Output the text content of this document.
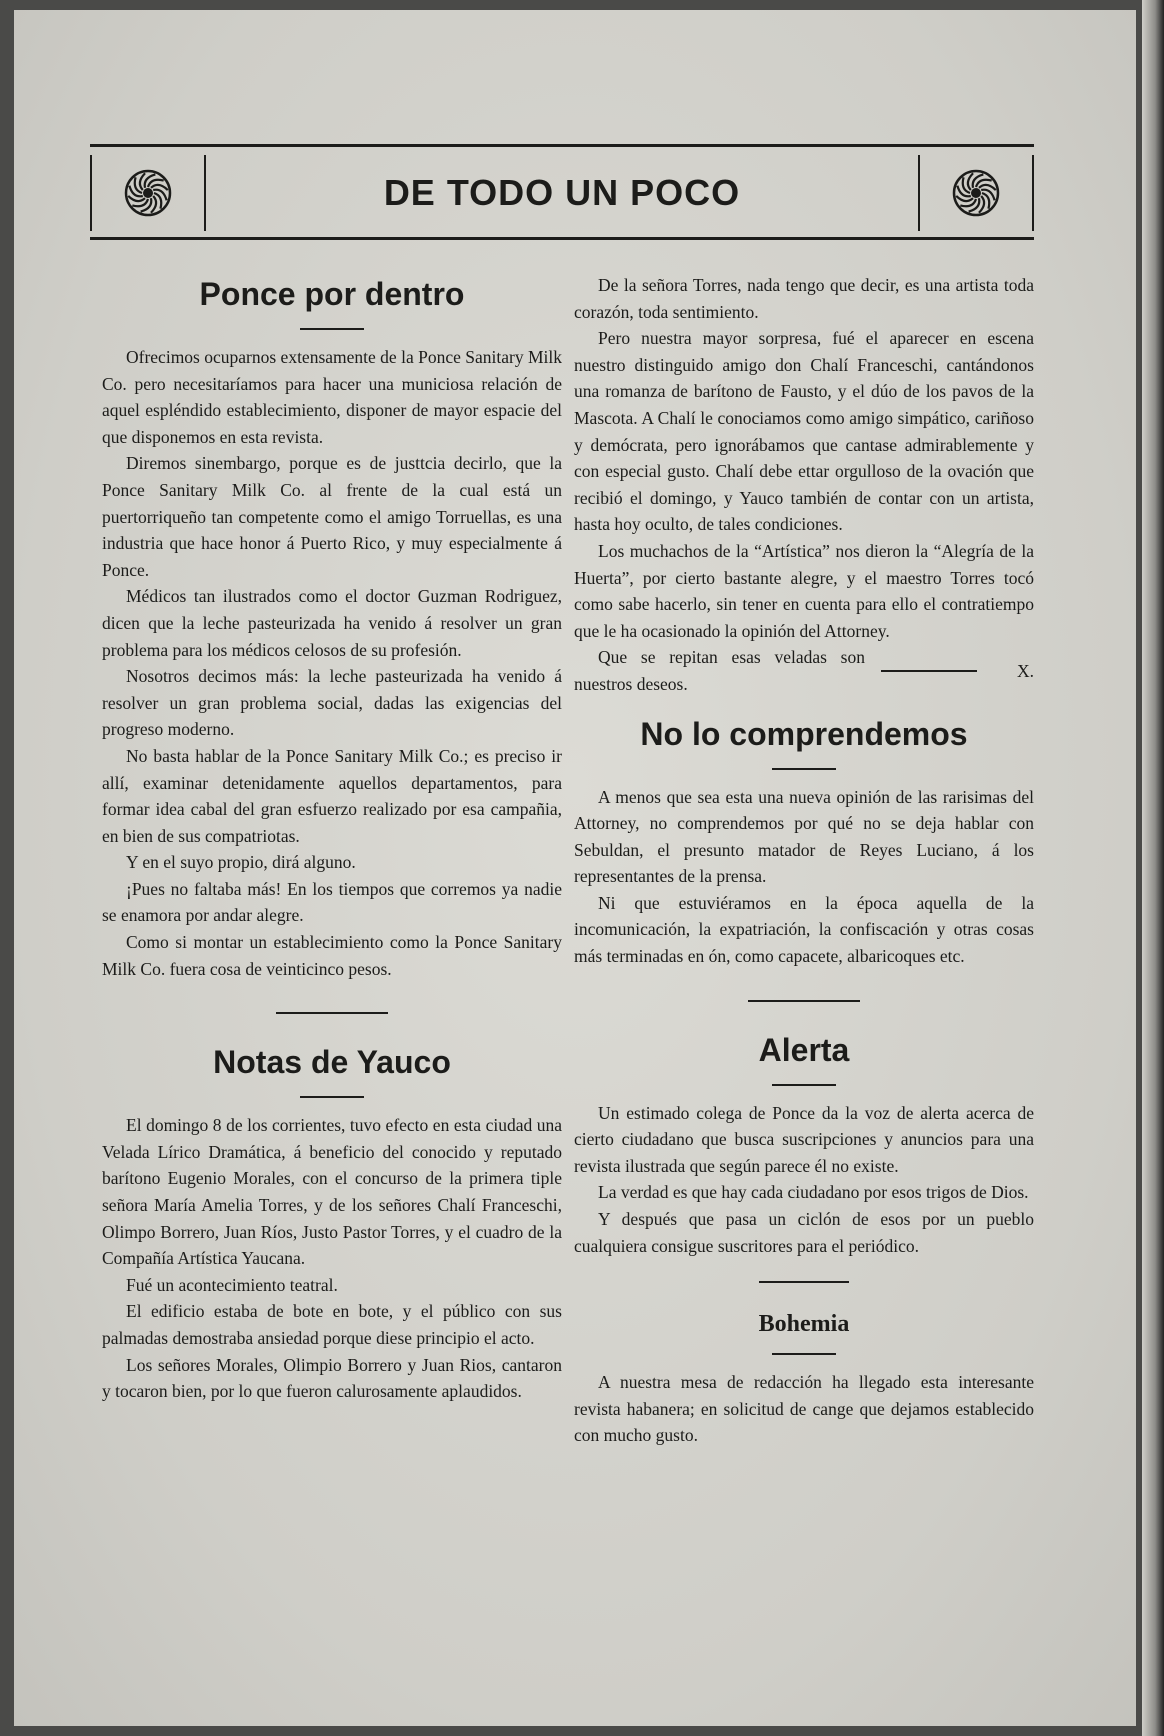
DE TODO UN POCO
Ponce por dentro

Ofrecimos ocuparnos extensamente de la Ponce Sanitary Milk Co. pero necesitaríamos para hacer una municiosa relación de aquel espléndido establecimiento, disponer de mayor espacie del que disponemos en esta revista.

Diremos sinembargo, porque es de justtcia decirlo, que la Ponce Sanitary Milk Co. al frente de la cual está un puertorriqueño tan competente como el amigo Torruellas, es una industria que hace honor á Puerto Rico, y muy especialmente á Ponce.

Médicos tan ilustrados como el doctor Guzman Rodriguez, dicen que la leche pasteurizada ha venido á resolver un gran problema para los médicos celosos de su profesión.

Nosotros decimos más: la leche pasteurizada ha venido á resolver un gran problema social, dadas las exigencias del progreso moderno.

No basta hablar de la Ponce Sanitary Milk Co.; es preciso ir allí, examinar detenidamente aquellos departamentos, para formar idea cabal del gran esfuerzo realizado por esa campañia, en bien de sus compatriotas.

Y en el suyo propio, dirá alguno.

¡Pues no faltaba más! En los tiempos que corremos ya nadie se enamora por andar alegre.

Como si montar un establecimiento como la Ponce Sanitary Milk Co. fuera cosa de veinticinco pesos.

Notas de Yauco

El domingo 8 de los corrientes, tuvo efecto en esta ciudad una Velada Lírico Dramática, á beneficio del conocido y reputado barítono Eugenio Morales, con el concurso de la primera tiple señora María Amelia Torres, y de los señores Chalí Franceschi, Olimpo Borrero, Juan Ríos, Justo Pastor Torres, y el cuadro de la Compañía Artística Yaucana.

Fué un acontecimiento teatral.

El edificio estaba de bote en bote, y el público con sus palmadas demostraba ansiedad porque diese principio el acto.

Los señores Morales, Olimpio Borrero y Juan Rios, cantaron y tocaron bien, por lo que fueron calurosamente aplaudidos.

De la señora Torres, nada tengo que decir, es una artista toda corazón, toda sentimiento.

Pero nuestra mayor sorpresa, fué el aparecer en escena nuestro distinguido amigo don Chalí Franceschi, cantándonos una romanza de barítono de Fausto, y el dúo de los pavos de la Mascota. A Chalí le conociamos como amigo simpático, cariñoso y demócrata, pero ignorábamos que cantase admirablemente y con especial gusto. Chalí debe ettar orgulloso de la ovación que recibió el domingo, y Yauco también de contar con un artista, hasta hoy oculto, de tales condiciones.

Los muchachos de la “Artística” nos dieron la “Alegría de la Huerta”, por cierto bastante alegre, y el maestro Torres tocó como sabe hacerlo, sin tener en cuenta para ello el contratiempo que le ha ocasionado la opinión del Attorney.

Que se repitan esas veladas son nuestros deseos.
X.

No lo comprendemos

A menos que sea esta una nueva opinión de las rarisimas del Attorney, no comprendemos por qué no se deja hablar con Sebuldan, el presunto matador de Reyes Luciano, á los representantes de la prensa.

Ni que estuviéramos en la época aquella de la incomunicación, la expatriación, la confiscación y otras cosas más terminadas en ón, como capacete, albaricoques etc.

Alerta

Un estimado colega de Ponce da la voz de alerta acerca de cierto ciudadano que busca suscripciones y anuncios para una revista ilustrada que según parece él no existe.

La verdad es que hay cada ciudadano por esos trigos de Dios.

Y después que pasa un ciclón de esos por un pueblo cualquiera consigue suscritores para el periódico.

Bohemia

A nuestra mesa de redacción ha llegado esta interesante revista habanera; en solicitud de cange que dejamos establecido con mucho gusto.
